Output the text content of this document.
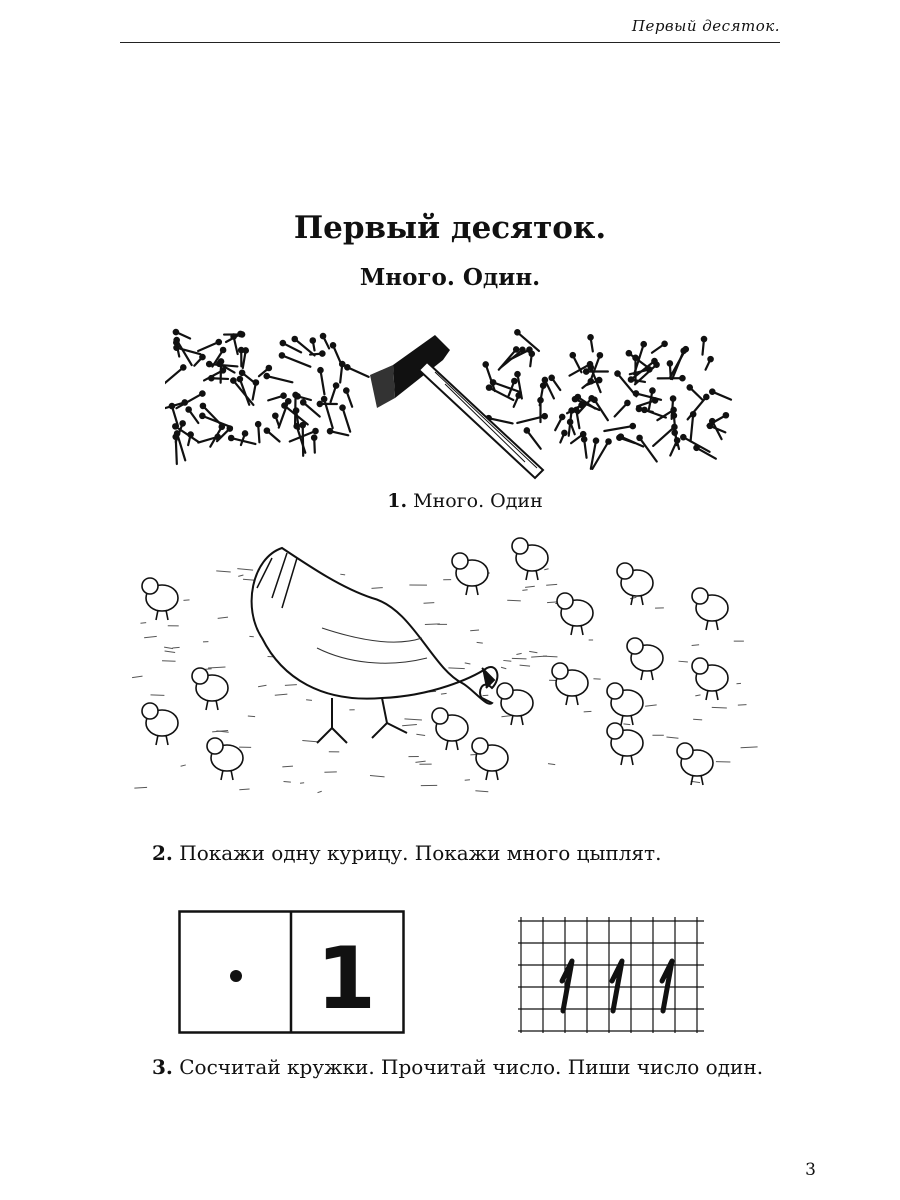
Первый десяток.
Первый десяток.
Много. Один.
1. Много. Один
2. Покажи одну курицу. Покажи много цыплят.
1
3. Сосчитай кружки. Прочитай число. Пиши число один.
3
